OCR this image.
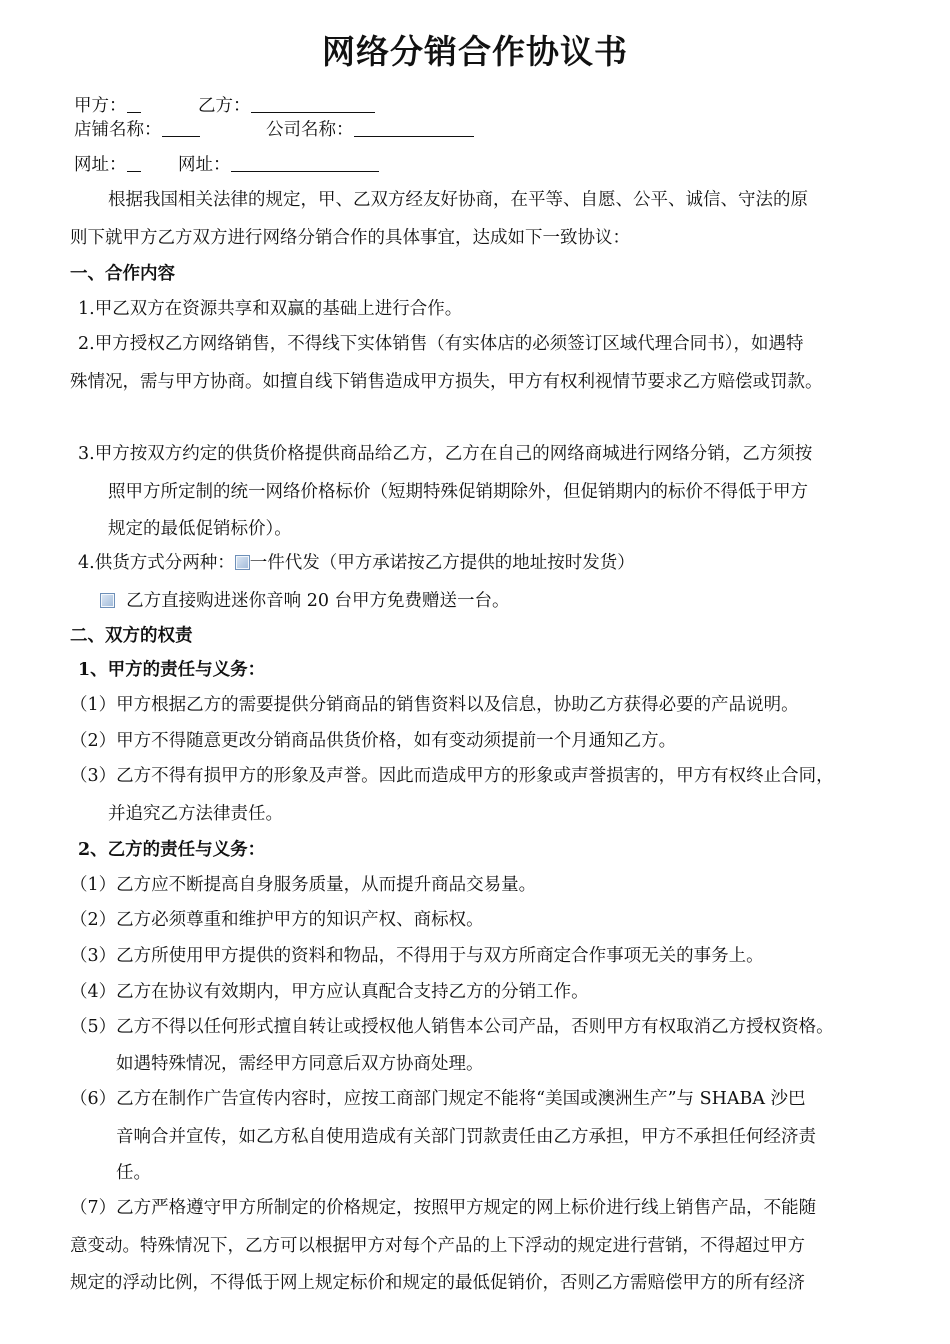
网络分销合作协议书
甲方：	乙方：
店铺名称：	公司名称：
网址：	网址：
根据我国相关法律的规定，甲、乙双方经友好协商，在平等、自愿、公平、诚信、守法的原
则下就甲方乙方双方进行网络分销合作的具体事宜，达成如下一致协议：
一、合作内容
1.甲乙双方在资源共享和双赢的基础上进行合作。
2.甲方授权乙方网络销售，不得线下实体销售（有实体店的必须签订区域代理合同书），如遇特
殊情况，需与甲方协商。如擅自线下销售造成甲方损失，甲方有权利视情节要求乙方赔偿或罚款。
3.甲方按双方约定的供货价格提供商品给乙方，乙方在自己的网络商城进行网络分销，乙方须按
照甲方所定制的统一网络价格标价（短期特殊促销期除外，但促销期内的标价不得低于甲方
规定的最低促销标价）。
4.供货方式分两种： 一件代发（甲方承诺按乙方提供的地址按时发货）
乙方直接购进迷你音响 20 台甲方免费赠送一台。
二、双方的权责
1、甲方的责任与义务：
（1）甲方根据乙方的需要提供分销商品的销售资料以及信息，协助乙方获得必要的产品说明。
（2）甲方不得随意更改分销商品供货价格，如有变动须提前一个月通知乙方。
（3）乙方不得有损甲方的形象及声誉。因此而造成甲方的形象或声誉损害的，甲方有权终止合同，
并追究乙方法律责任。
2、乙方的责任与义务：
（1）乙方应不断提高自身服务质量，从而提升商品交易量。
（2）乙方必须尊重和维护甲方的知识产权、商标权。
（3）乙方所使用甲方提供的资料和物品，不得用于与双方所商定合作事项无关的事务上。
（4）乙方在协议有效期内，甲方应认真配合支持乙方的分销工作。
（5）乙方不得以任何形式擅自转让或授权他人销售本公司产品，否则甲方有权取消乙方授权资格。
如遇特殊情况，需经甲方同意后双方协商处理。
（6）乙方在制作广告宣传内容时，应按工商部门规定不能将“美国或澳洲生产”与 SHABA 沙巴
音响合并宣传，如乙方私自使用造成有关部门罚款责任由乙方承担，甲方不承担任何经济责
任。
（7）乙方严格遵守甲方所制定的价格规定，按照甲方规定的网上标价进行线上销售产品，不能随
意变动。特殊情况下，乙方可以根据甲方对每个产品的上下浮动的规定进行营销，不得超过甲方
规定的浮动比例，不得低于网上规定标价和规定的最低促销价，否则乙方需赔偿甲方的所有经济
